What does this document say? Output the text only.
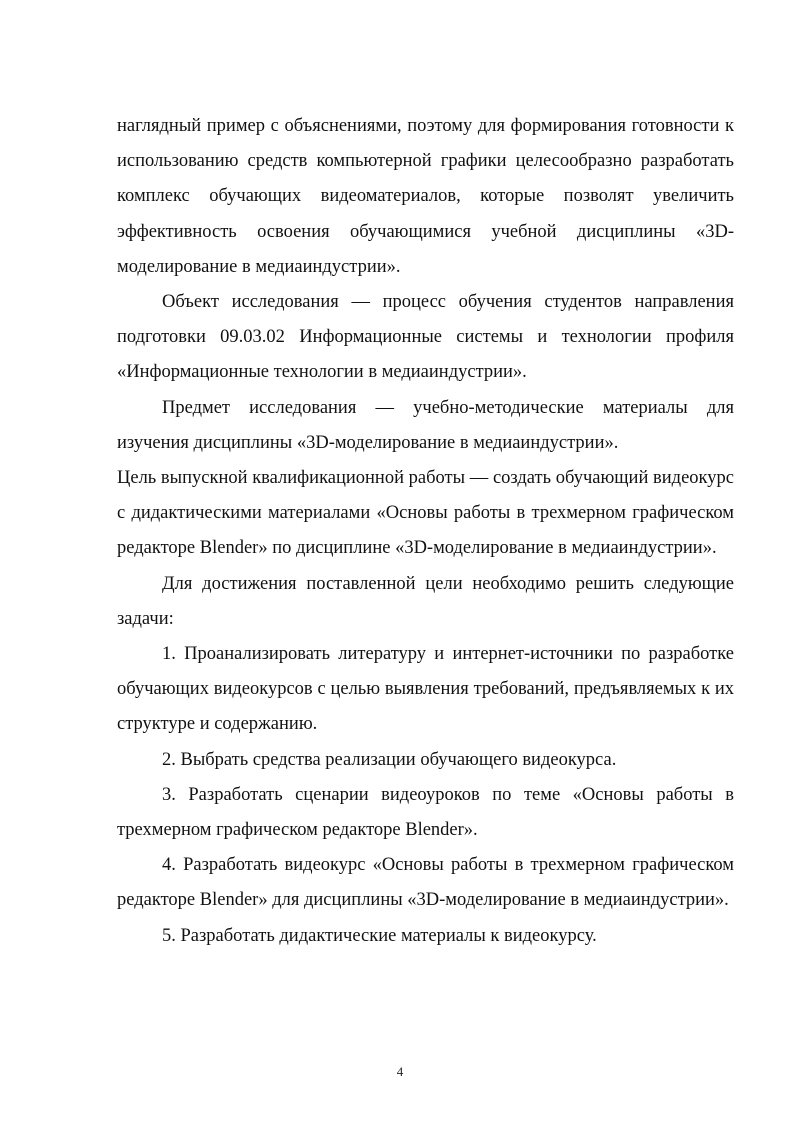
наглядный пример с объяснениями, поэтому для формирования готовности к использованию средств компьютерной графики целесообразно разработать комплекс обучающих видеоматериалов, которые позволят увеличить эффективность освоения обучающимися учебной дисциплины «3D-моделирование в медиаиндустрии».

Объект исследования — процесс обучения студентов направления подготовки 09.03.02 Информационные системы и технологии профиля «Информационные технологии в медиаиндустрии».

Предмет исследования — учебно-методические материалы для изучения дисциплины «3D-моделирование в медиаиндустрии».

Цель выпускной квалификационной работы — создать обучающий видеокурс с дидактическими материалами «Основы работы в трехмерном графическом редакторе Blender» по дисциплине «3D-моделирование в медиаиндустрии».

Для достижения поставленной цели необходимо решить следующие задачи:

1. Проанализировать литературу и интернет-источники по разработке обучающих видеокурсов с целью выявления требований, предъявляемых к их структуре и содержанию.

2. Выбрать средства реализации обучающего видеокурса.

3. Разработать сценарии видеоуроков по теме «Основы работы в трехмерном графическом редакторе Blender».

4. Разработать видеокурс «Основы работы в трехмерном графическом редакторе Blender» для дисциплины «3D-моделирование в медиаиндустрии».

5. Разработать дидактические материалы к видеокурсу.

4
